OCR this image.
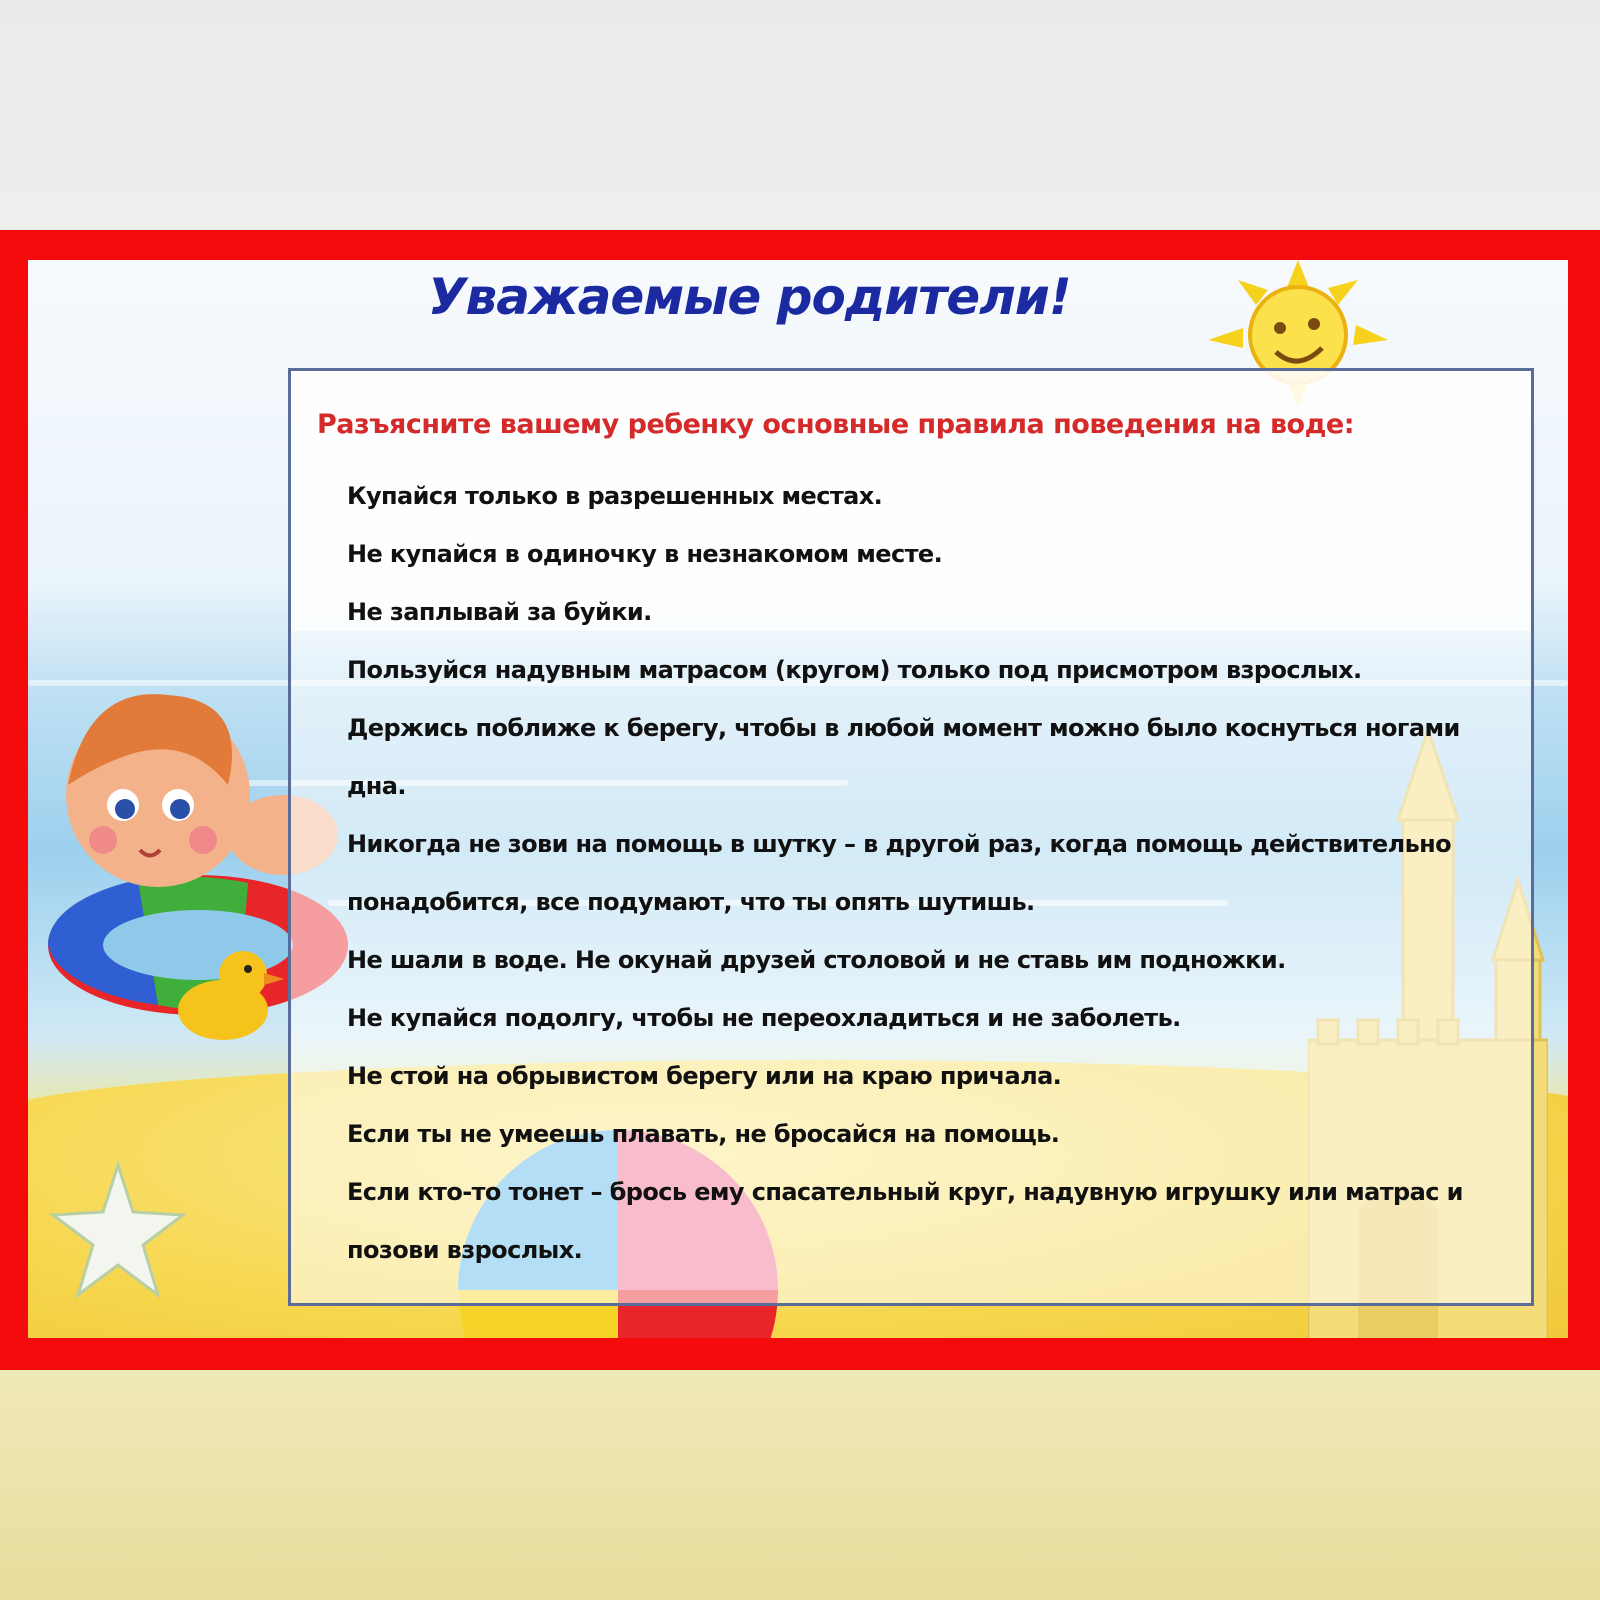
Уважаемые родители!
Разъясните вашему ребенку основные правила поведения на воде:
Купайся только в разрешенных местах.
Не купайся в одиночку в незнакомом месте.
Не заплывай за буйки.
Пользуйся надувным матрасом (кругом) только под присмотром взрослых.
Держись поближе к берегу, чтобы в любой момент можно было коснуться ногами дна.
Никогда не зови на помощь в шутку – в другой раз, когда помощь действительно понадобится, все подумают, что ты опять шутишь.
Не шали в воде. Не окунай друзей столовой и не ставь им подножки.
Не купайся подолгу, чтобы не переохладиться и не заболеть.
Не стой на обрывистом берегу или на краю причала.
Если ты не умеешь плавать, не бросайся на помощь.
Если кто-то тонет – брось ему спасательный круг, надувную игрушку или матрас и позови взрослых.
